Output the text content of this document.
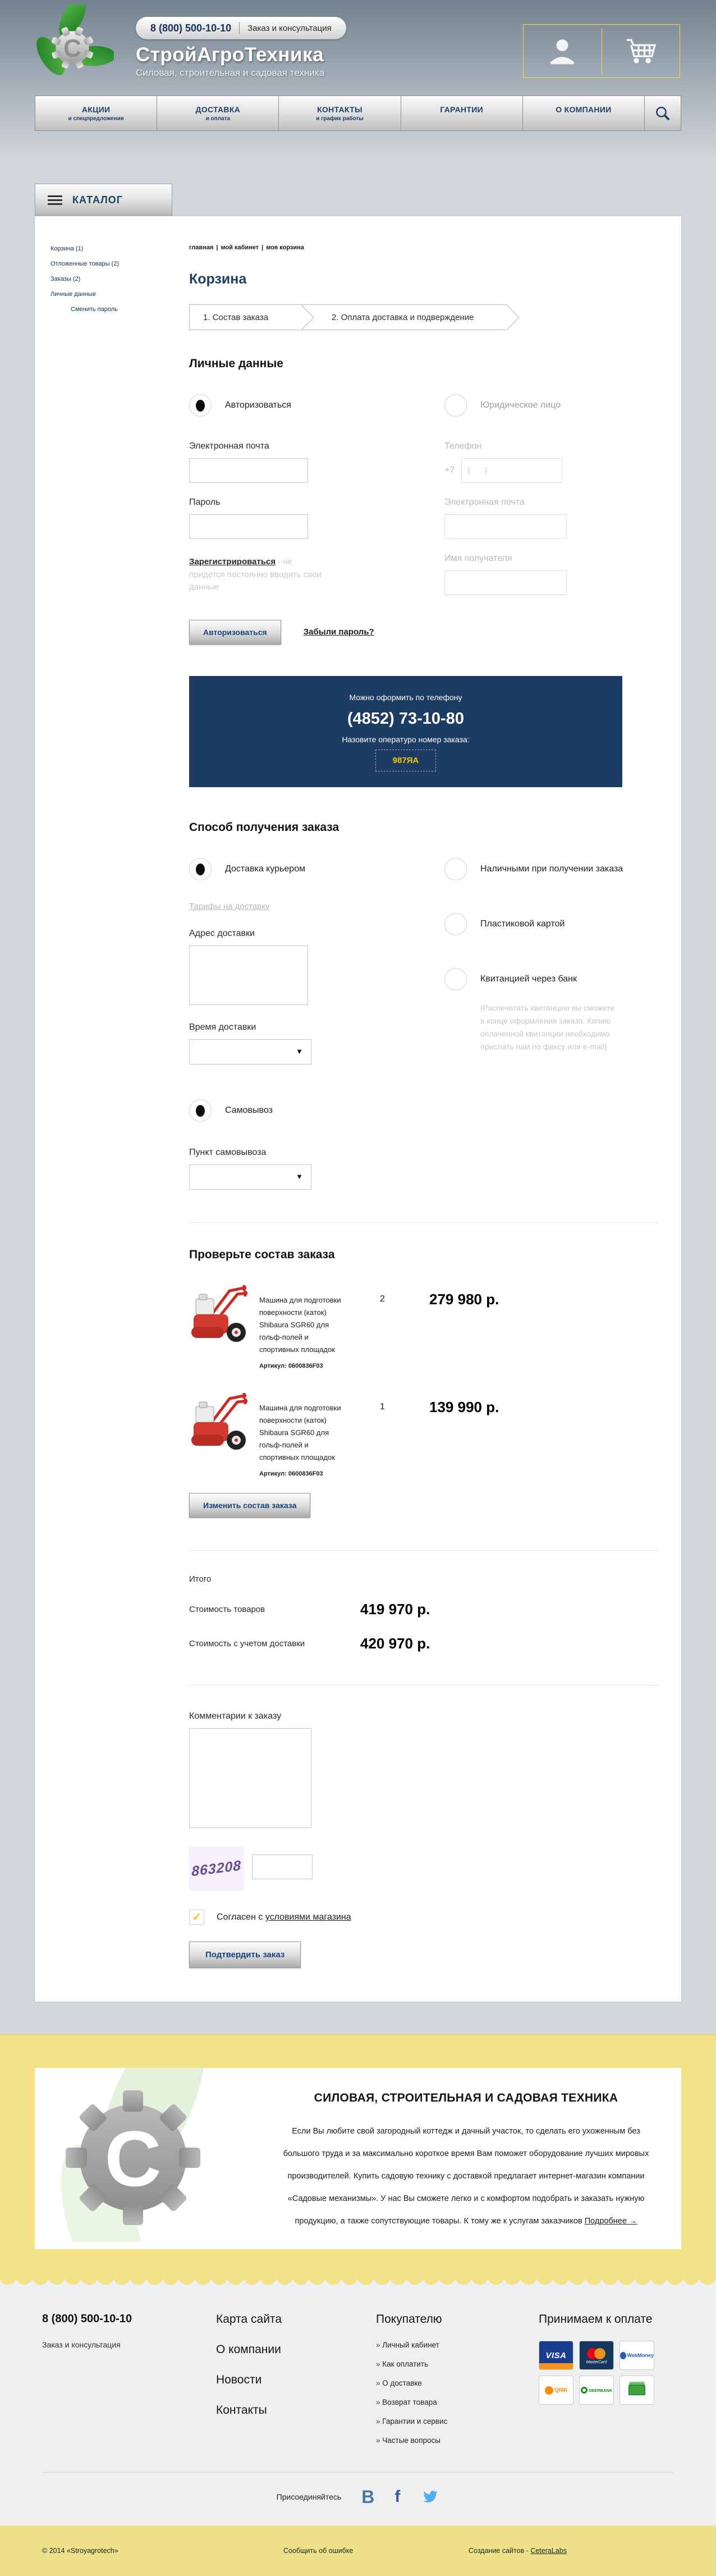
C
8 (800) 500-10-10 Заказ и консультация
СтройАгроТехника
Силовая, строительная и садовая техника
АКЦИИ
и спецпредложения
ДОСТАВКА
и оплата
КОНТАКТЫ
и график работы
ГАРАНТИИ	О КОМПАНИИ
КАТАЛОГ
Корзина (1)
Отложенные товары (2)
Заказы (2)
Личные данные
Сменить пароль
главная | мой кабинет | моя корзина
Корзина
1. Состав заказа	2. Оплата доставка и подверждение
Личные данные
Авторизоваться
Электронная почта
Пароль
Зарегистрироваться - не придется постоянно вводить свои данные
Авторизоваться	Забыли пароль?
Юридическое лицо
Телефон
+7
( )
Электронная почта
Имя получателя
Можно оформить по телефону
(4852) 73-10-80
Назовите опературо номер заказа:
987ЯА
Способ получения заказа
Доставка курьером
Тарифы на доставку
Адрес доставки
Время доставки
▼
Самовывоз
Пункт самовывоза
▼
Наличными при получении заказа
Пластиковой картой
Квитанцией через банк
(Распечатать квитанцию вы сможете в конце оформления заказа. Копию оплаченной квитанции необходимо прислать нам по факсу или e-mail)
Проверьте состав заказа
Машина для подготовки поверхности (каток) Shibaura SGR60 для гольф-полей и спортивных площадок
Артикул: 0600836F03
2	279 980 р.
Машина для подготовки поверхности (каток) Shibaura SGR60 для гольф-полей и спортивных площадок
Артикул: 0600836F03
1	139 990 р.
Изменить состав заказа
Итого
Стоимость товаров	419 970 р.
Стоимость с учетом доставки	420 970 р.
Комментарии к заказу
863208
✓	Согласен с условиями магазина
Подтвердить заказ
C
СИЛОВАЯ, СТРОИТЕЛЬНАЯ И САДОВАЯ ТЕХНИКА

Если Вы любите свой загородный коттедж и дачный участок, то сделать его ухоженным без большого труда и за максимально короткое время Вам поможет оборудование лучших мировых производителей. Купить садовую технику с доставкой предлагает интернет-магазин компании «Садовые механизмы». У нас Вы сможете легко и с комфортом подобрать и заказать нужную продукцию, а также сопутствующие товары. К тому же к услугам заказчиков Подробнее →

8 (800) 500-10-10
Заказ и консультация
Карта сайта
О компании
Новости
Контакты
Покупателю
» Личный кабинет
» Как оплатить
» О доставке
» Возврат товара
» Гарантии и сервис
» Частые вопросы
Принимаем к оплате
VISA
MasterCard
W WebMoney
Q QIWI	SBERBANK
Присоединяйтесь B f
© 2014 «Stroyagrotech»	Сообщить об ошибке	Создание сайтов - CeteraLabs
